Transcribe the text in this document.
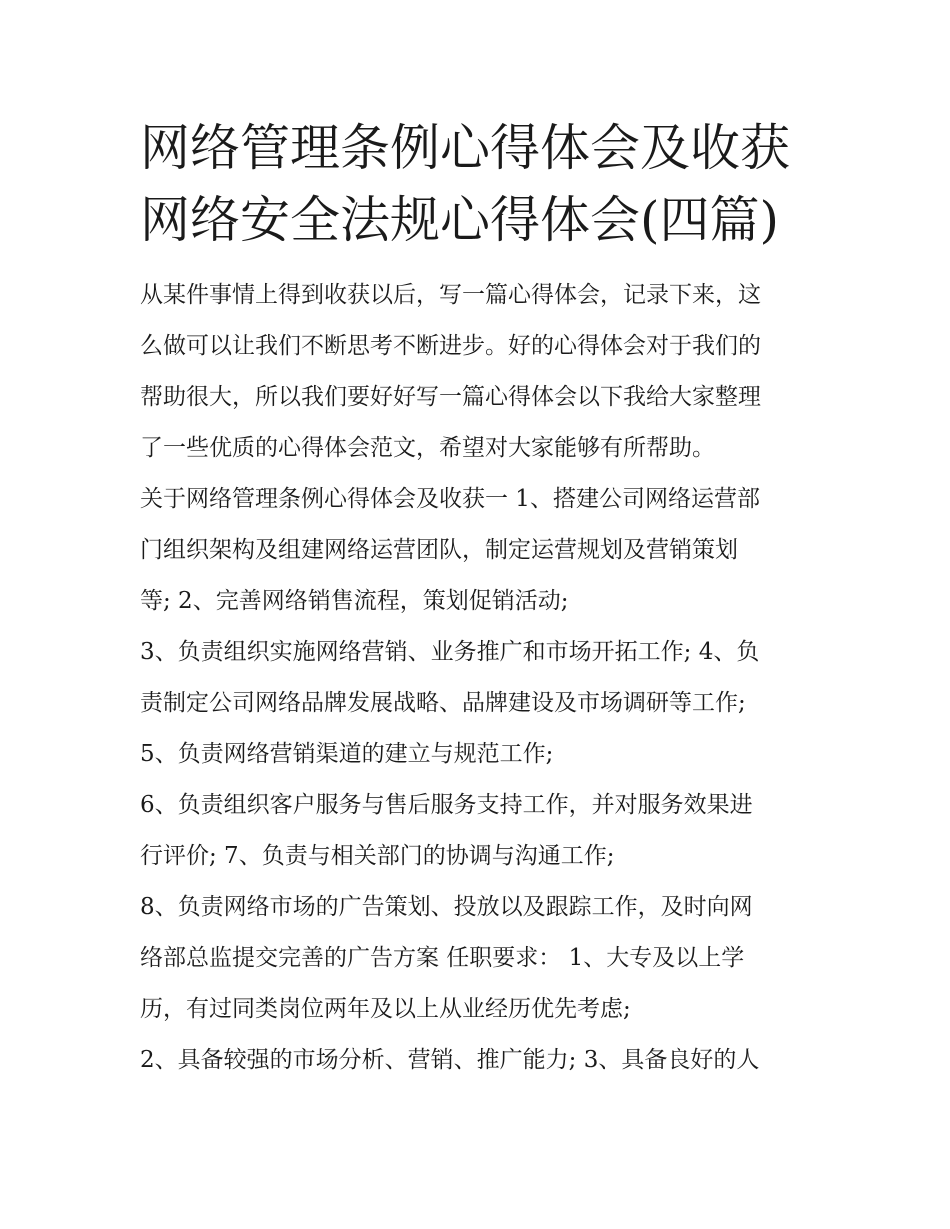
网络管理条例心得体会及收获
网络安全法规心得体会(四篇)
从某件事情上得到收获以后，写一篇心得体会，记录下来，这
么做可以让我们不断思考不断进步。好的心得体会对于我们的
帮助很大，所以我们要好好写一篇心得体会以下我给大家整理
了一些优质的心得体会范文，希望对大家能够有所帮助。
关于网络管理条例心得体会及收获一 1、搭建公司网络运营部
门组织架构及组建网络运营团队，制定运营规划及营销策划
等; 2、完善网络销售流程，策划促销活动;
3、负责组织实施网络营销、业务推广和市场开拓工作; 4、负
责制定公司网络品牌发展战略、品牌建设及市场调研等工作;
5、负责网络营销渠道的建立与规范工作;
6、负责组织客户服务与售后服务支持工作，并对服务效果进
行评价; 7、负责与相关部门的协调与沟通工作;
8、负责网络市场的广告策划、投放以及跟踪工作，及时向网
络部总监提交完善的广告方案 任职要求： 1、大专及以上学
历，有过同类岗位两年及以上从业经历优先考虑;
2、具备较强的市场分析、营销、推广能力; 3、具备良好的人
